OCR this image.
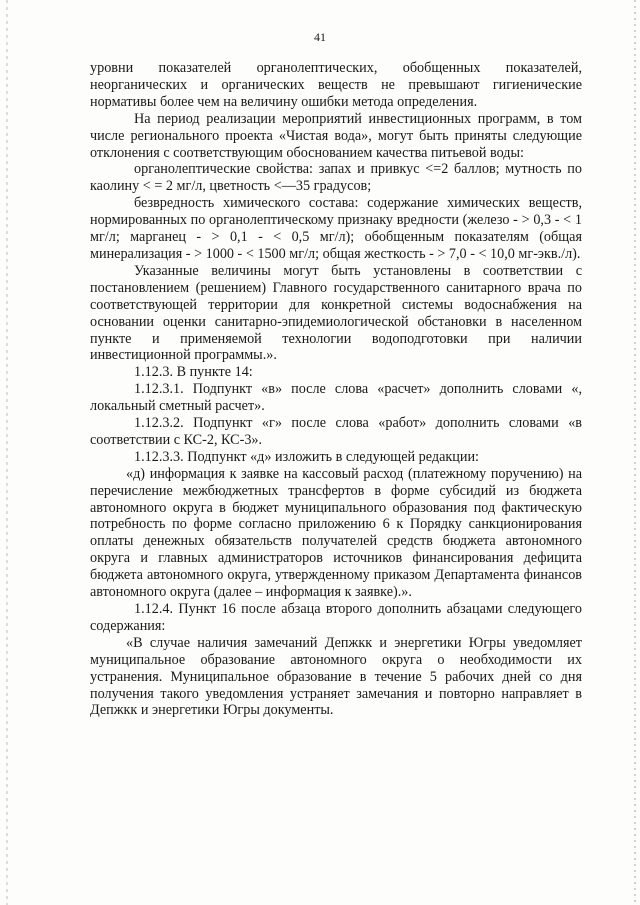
41

уровни показателей органолептических, обобщенных показателей, неорганических и органических веществ не превышают гигиенические нормативы более чем на величину ошибки метода определения.

На период реализации мероприятий инвестиционных программ, в том числе регионального проекта «Чистая вода», могут быть приняты следующие отклонения с соответствующим обоснованием качества питьевой воды:

органолептические свойства: запах и привкус <=2 баллов; мутность по каолину < = 2 мг/л, цветность <—35 градусов;

безвредность химического состава: содержание химических веществ, нормированных по органолептическому признаку вредности (железо - > 0,3 - < 1 мг/л; марганец - > 0,1 - < 0,5 мг/л); обобщенным показателям (общая минерализация - > 1000 - < 1500 мг/л; общая жесткость - > 7,0 - < 10,0 мг-экв./л).

Указанные величины могут быть установлены в соответствии с постановлением (решением) Главного государственного санитарного врача по соответствующей территории для конкретной системы водоснабжения на основании оценки санитарно-эпидемиологической обстановки в населенном пункте и применяемой технологии водоподготовки при наличии инвестиционной программы.».

1.12.3. В пункте 14:

1.12.3.1. Подпункт «в» после слова «расчет» дополнить словами «, локальный сметный расчет».

1.12.3.2. Подпункт «г» после слова «работ» дополнить словами «в соответствии с КС-2, КС-3».

1.12.3.3. Подпункт «д» изложить в следующей редакции:

«д) информация к заявке на кассовый расход (платежному поручению) на перечисление межбюджетных трансфертов в форме субсидий из бюджета автономного округа в бюджет муниципального образования под фактическую потребность по форме согласно приложению 6 к Порядку санкционирования оплаты денежных обязательств получателей средств бюджета автономного округа и главных администраторов источников финансирования дефицита бюджета автономного округа, утвержденному приказом Департамента финансов автономного округа (далее – информация к заявке).».

1.12.4. Пункт 16 после абзаца второго дополнить абзацами следующего содержания:

«В случае наличия замечаний Депжкк и энергетики Югры уведомляет муниципальное образование автономного округа о необходимости их устранения. Муниципальное образование в течение 5 рабочих дней со дня получения такого уведомления устраняет замечания и повторно направляет в Депжкк и энергетики Югры документы.
